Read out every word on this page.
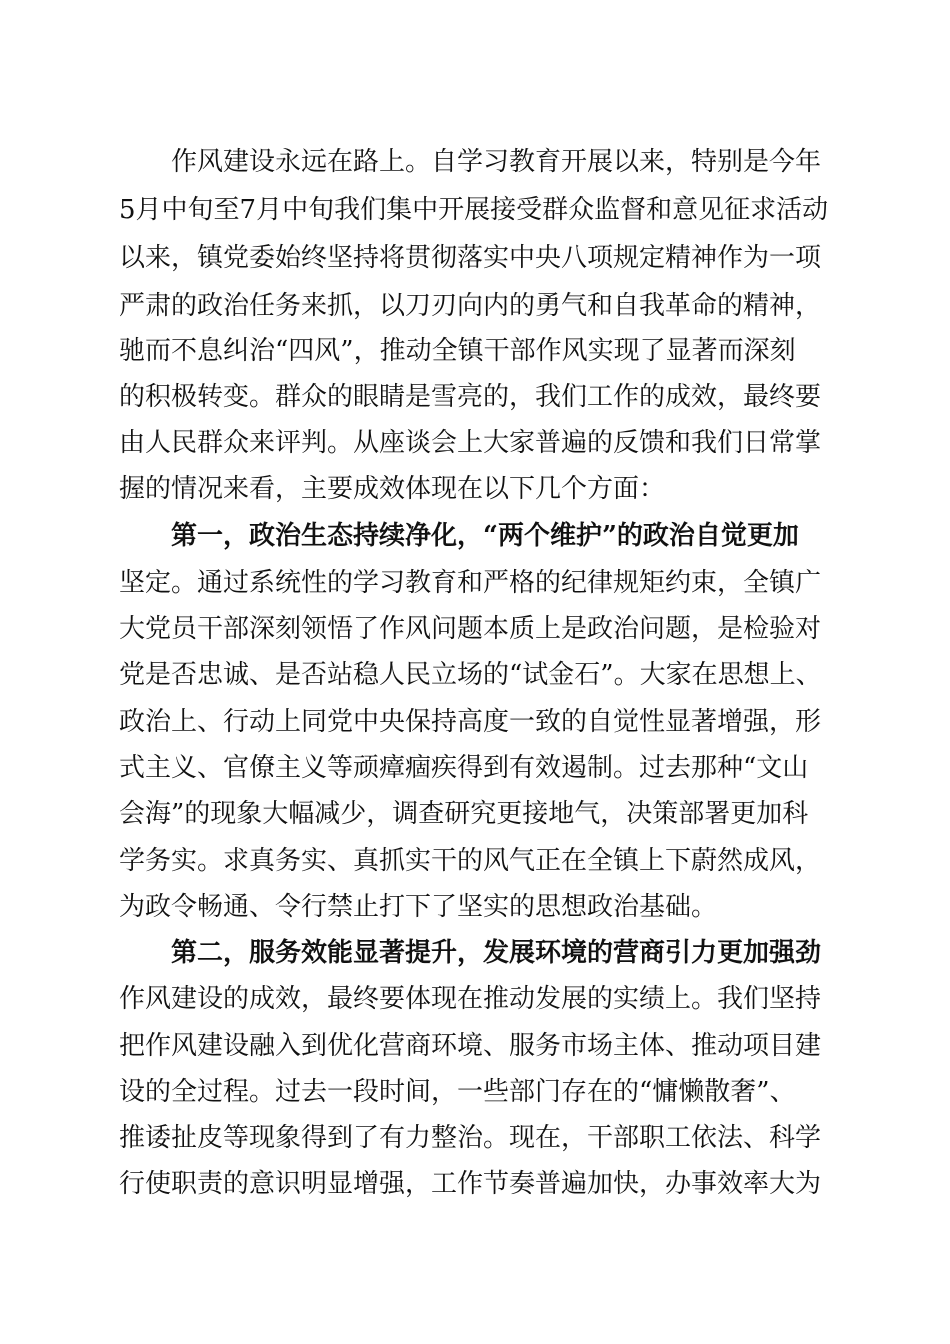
作风建设永远在路上。自学习教育开展以来，特别是今年
5月中旬至7月中旬我们集中开展接受群众监督和意见征求活动
以来，镇党委始终坚持将贯彻落实中央八项规定精神作为一项
严肃的政治任务来抓，以刀刃向内的勇气和自我革命的精神，
驰而不息纠治“四风”，推动全镇干部作风实现了显著而深刻
的积极转变。群众的眼睛是雪亮的，我们工作的成效，最终要
由人民群众来评判。从座谈会上大家普遍的反馈和我们日常掌
握的情况来看，主要成效体现在以下几个方面：
第一，政治生态持续净化，“两个维护”的政治自觉更加
坚定。通过系统性的学习教育和严格的纪律规矩约束，全镇广
大党员干部深刻领悟了作风问题本质上是政治问题，是检验对
党是否忠诚、是否站稳人民立场的“试金石”。大家在思想上、
政治上、行动上同党中央保持高度一致的自觉性显著增强，形
式主义、官僚主义等顽瘴痼疾得到有效遏制。过去那种“文山
会海”的现象大幅减少，调查研究更接地气，决策部署更加科
学务实。求真务实、真抓实干的风气正在全镇上下蔚然成风，
为政令畅通、令行禁止打下了坚实的思想政治基础。
第二，服务效能显著提升，发展环境的营商引力更加强劲
作风建设的成效，最终要体现在推动发展的实绩上。我们坚持
把作风建设融入到优化营商环境、服务市场主体、推动项目建
设的全过程。过去一段时间，一些部门存在的“慵懒散奢”、
推诿扯皮等现象得到了有力整治。现在，干部职工依法、科学
行使职责的意识明显增强，工作节奏普遍加快，办事效率大为
